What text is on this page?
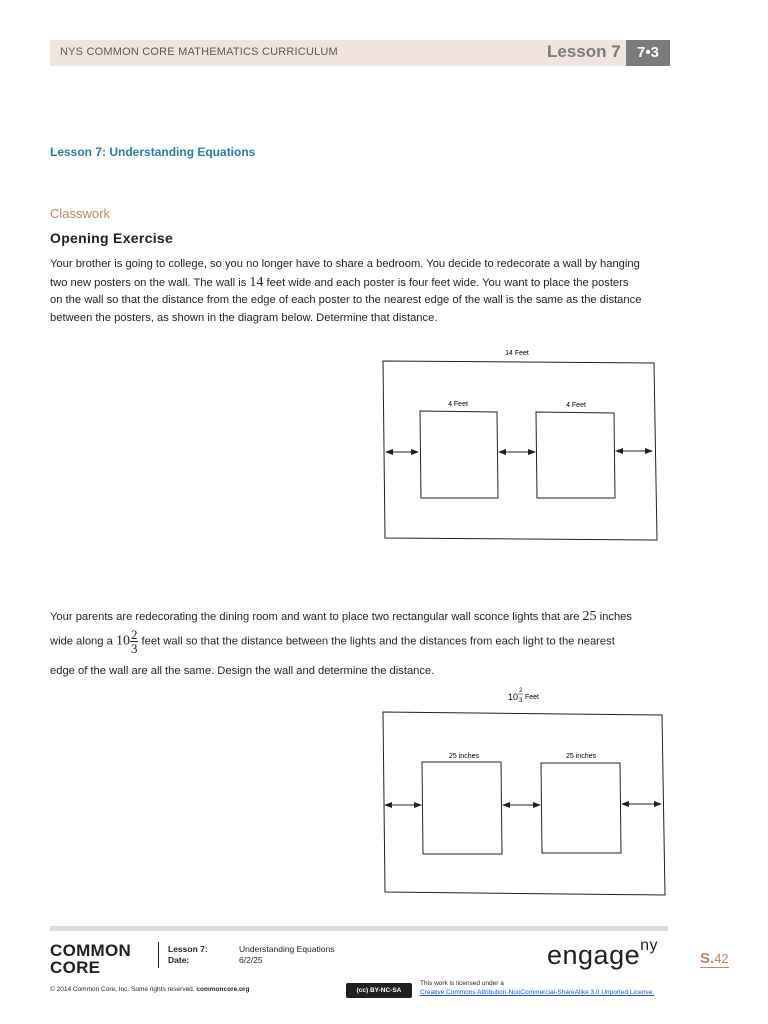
NYS COMMON CORE MATHEMATICS CURRICULUM	Lesson 7	7•3
Lesson 7: Understanding Equations
Classwork
Opening Exercise
Your brother is going to college, so you no longer have to share a bedroom. You decide to redecorate a wall by hanging
two new posters on the wall. The wall is 14 feet wide and each poster is four feet wide. You want to place the posters
on the wall so that the distance from the edge of each poster to the nearest edge of the wall is the same as the distance
between the posters, as shown in the diagram below. Determine that distance.
14 Feet
4 Feet	4 Feet
10
2
3 Feet
25 inches	25 inches
Your parents are redecorating the dining room and want to place two rectangular wall sconce lights that are 25 inches
wide along a $10 \frac{2}{3}$ feet wall so that the distance between the lights and the distances from each light to the nearest
edge of the wall are all the same. Design the wall and determine the distance.
COMMON
CORE
Lesson 7:	Understanding Equations
Date:	6/2/25	engage$^{ny}$
S.42
© 2014 Common Core, Inc. Some rights reserved. commoncore.org	(cc) BY-NC-SA
This work is licensed under a
Creative Commons Attribution-NonCommercial-ShareAlike 3.0 Unported License.
